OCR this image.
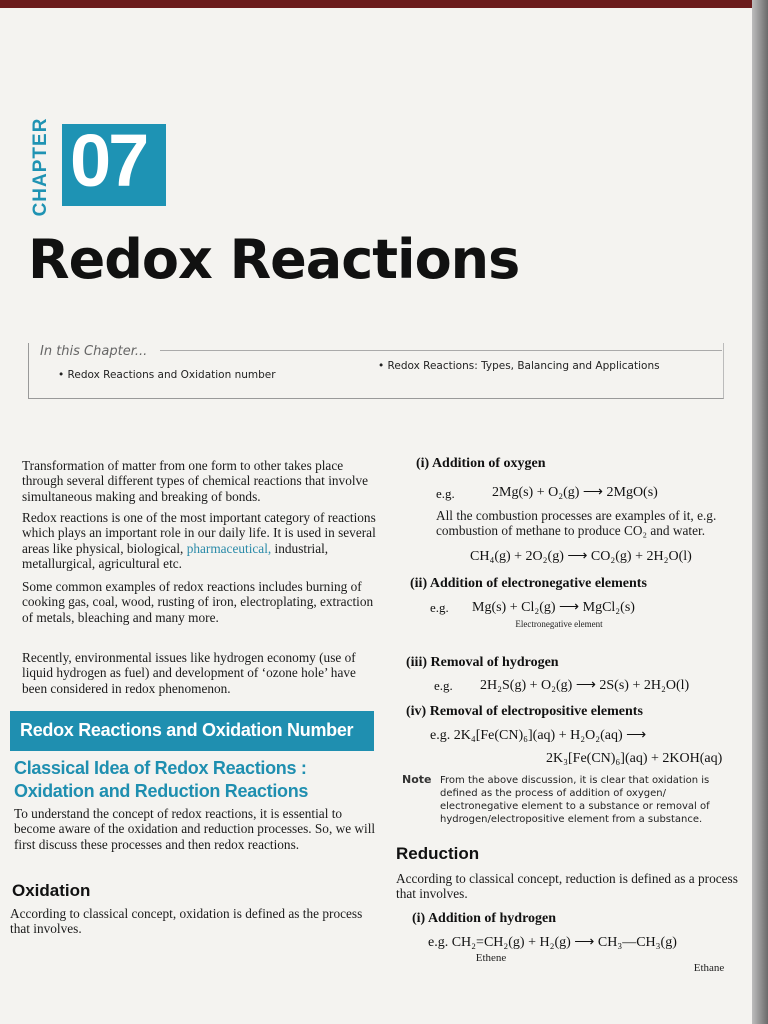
CHAPTER 07
Redox Reactions
In this Chapter...
• Redox Reactions and Oxidation number
• Redox Reactions: Types, Balancing and Applications

Transformation of matter from one form to other takes place through several different types of chemical reactions that involve simultaneous making and breaking of bonds.

Redox reactions is one of the most important category of reactions which plays an important role in our daily life. It is used in several areas like physical, biological, pharmaceutical, industrial, metallurgical, agricultural etc.

Some common examples of redox reactions includes burning of cooking gas, coal, wood, rusting of iron, electroplating, extraction of metals, bleaching and many more.

Recently, environmental issues like hydrogen economy (use of liquid hydrogen as fuel) and development of ‘ozone hole’ have been considered in redox phenomenon.

Redox Reactions and Oxidation Number
Classical Idea of Redox Reactions :
Oxidation and Reduction Reactions

To understand the concept of redox reactions, it is essential to become aware of the oxidation and reduction processes. So, we will first discuss these processes and then redox reactions.

Oxidation

According to classical concept, oxidation is defined as the process that involves.

(i) Addition of oxygen
e.g.	2Mg(s) + O₂(g) ⟶ 2MgO(s)

All the combustion processes are examples of it, e.g. combustion of methane to produce CO₂ and water.

CH₄(g) + 2O₂(g) ⟶ CO₂(g) + 2H₂O(l)
(ii) Addition of electronegative elements
e.g. Mg(s) + Cl₂(g) ⟶ MgCl₂(s)
Electronegative element
(iii) Removal of hydrogen
e.g. 2H₂S(g) + O₂(g) ⟶ 2S(s) + 2H₂O(l)
(iv) Removal of electropositive elements
e.g. 2K₄[Fe(CN)₆](aq) + H₂O₂(aq) ⟶
2K₃[Fe(CN)₆](aq) + 2KOH(aq)
Note From the above discussion, it is clear that oxidation is defined as the process of addition of oxygen/ electronegative element to a substance or removal of hydrogen/electropositive element from a substance.

Reduction

According to classical concept, reduction is defined as a process that involves.

(i) Addition of hydrogen
e.g. CH₂=CH₂(g) + H₂(g) ⟶ CH₃—CH₃(g)
Ethene
Ethane
